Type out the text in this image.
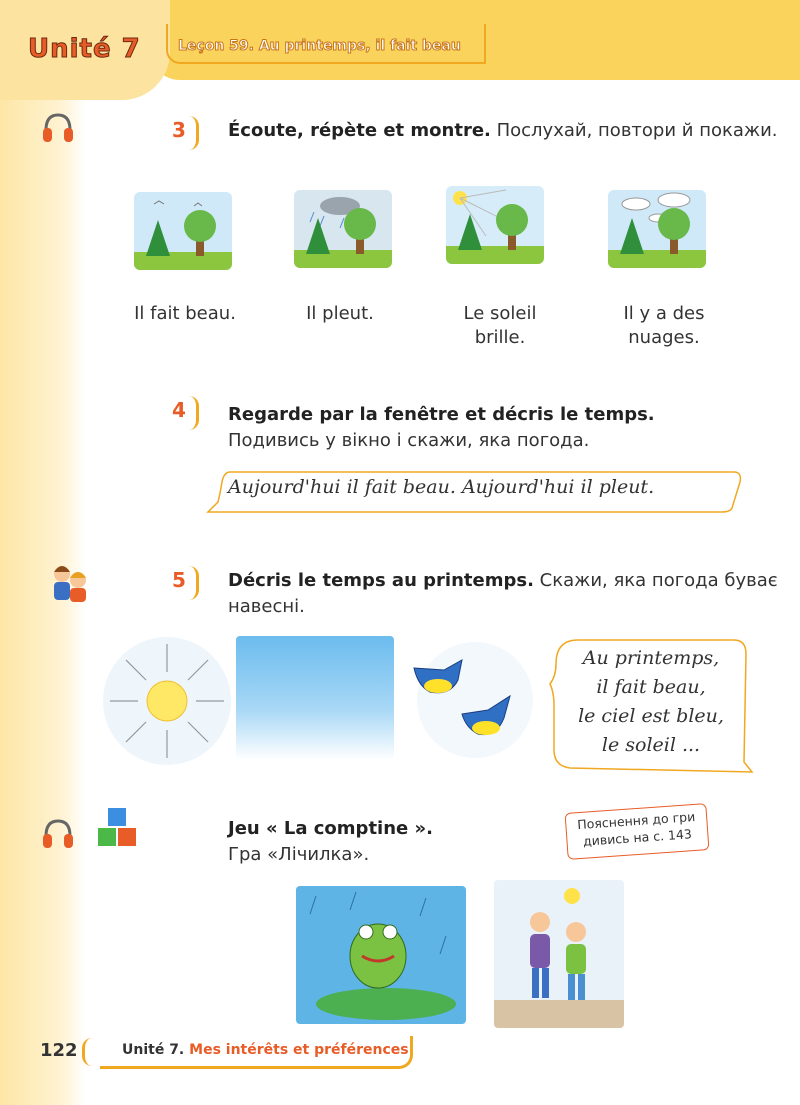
Unité 7	Leçon 59. Au printemps, il fait beau
3 Écoute, répète et montre. Послухай, повтори й покажи.
Il fait beau.	Il pleut.	Le soleil
brille.
Il y a des
nuages.
4 Regarde par la fenêtre et décris le temps.
Подивись у вікно і скажи, яка погода.
Aujourd'hui il fait beau. Aujourd'hui il pleut.
5 Décris le temps au printemps. Скажи, яка погода буває навесні.
Au printemps,
il fait beau,
le ciel est bleu,
le soleil ...
Jeu « La comptine ».
Гра «Лічилка».
Пояснення до гри
дивись на с. 143
122	Unité 7. Mes intérêts et préférences
